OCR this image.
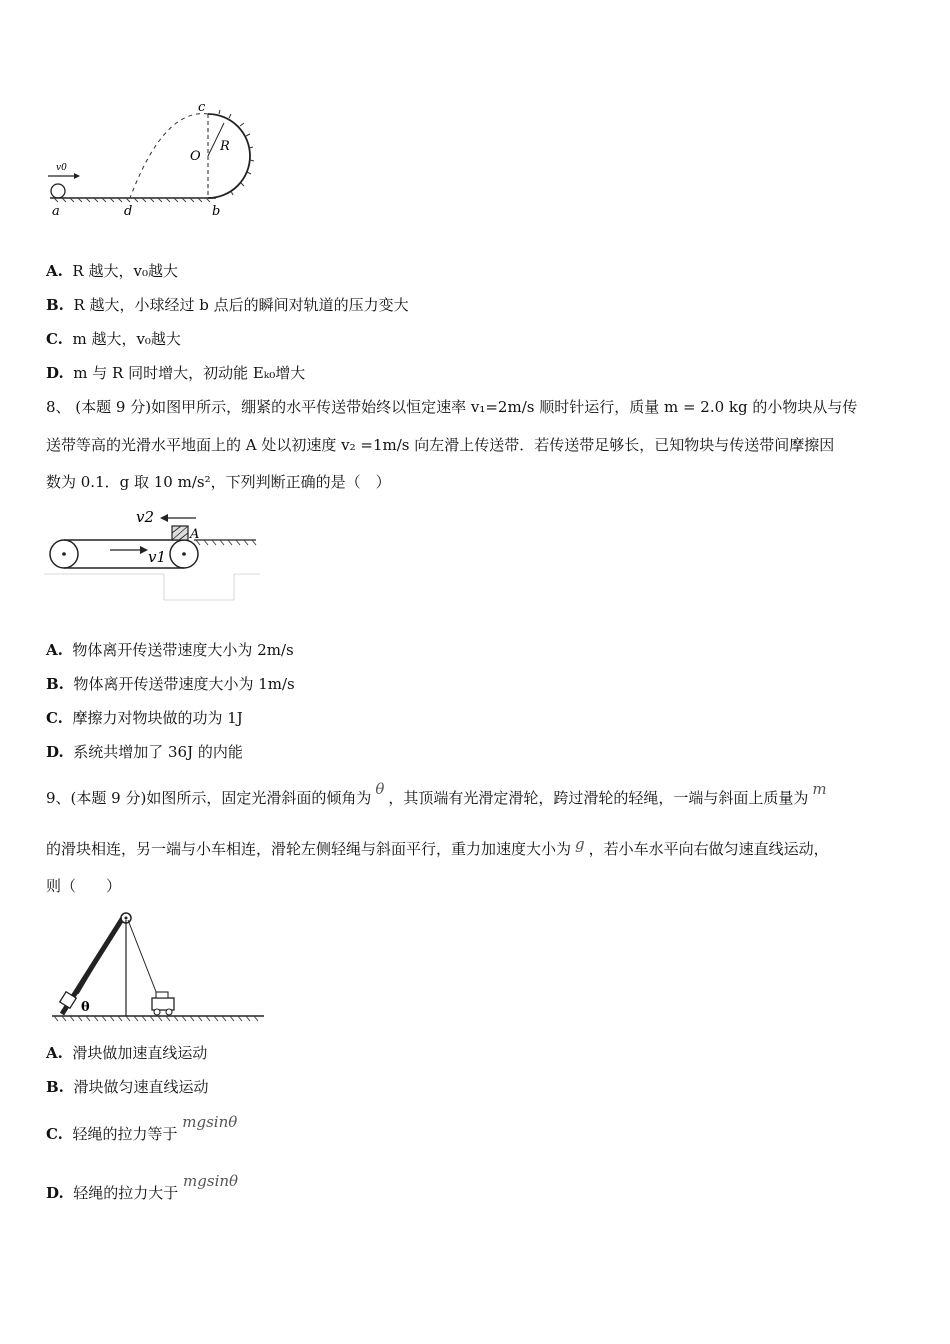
c
O
R
v0
a	d	b
A. R 越大，v₀越大
B. R 越大，小球经过 b 点后的瞬间对轨道的压力变大
C. m 越大，v₀越大
D. m 与 R 同时增大，初动能 Eₖ₀增大
8、 (本题 9 分)如图甲所示，绷紧的水平传送带始终以恒定速率 v₁=2m/s 顺时针运行，质量 m = 2.0 kg 的小物块从与传
送带等高的光滑水平地面上的 A 处以初速度 v₂ =1m/s 向左滑上传送带．若传送带足够长，已知物块与传送带间摩擦因
数为 0.1．g 取 10 m/s²，下列判断正确的是（　）
v2
A
v1
A. 物体离开传送带速度大小为 2m/s
B. 物体离开传送带速度大小为 1m/s
C. 摩擦力对物块做的功为 1J
D. 系统共增加了 36J 的内能
9、(本题 9 分)如图所示，固定光滑斜面的倾角为 θ ，其顶端有光滑定滑轮，跨过滑轮的轻绳，一端与斜面上质量为 m
的滑块相连，另一端与小车相连，滑轮左侧轻绳与斜面平行，重力加速度大小为 g ，若小车水平向右做匀速直线运动，
则（　　）
θ
A. 滑块做加速直线运动
B. 滑块做匀速直线运动
C. 轻绳的拉力等于 mgsinθ
D. 轻绳的拉力大于 mgsinθ
